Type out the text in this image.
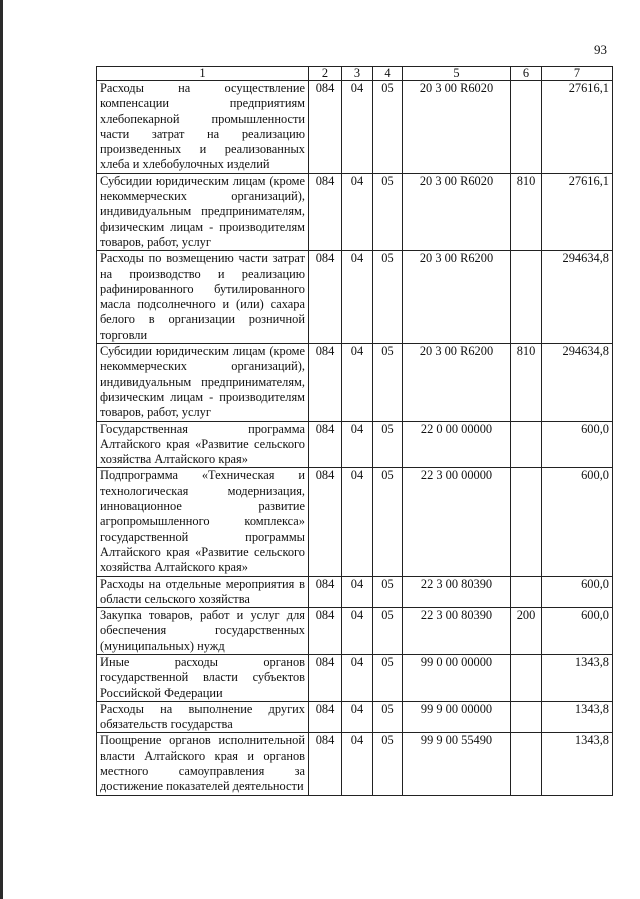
93
1	2	3	4	5	6	7
Расходы на осуществление компенсации предприятиям хлебопекарной промышленности части затрат на реализацию произведенных и реализованных хлеба и хлебобулочных изделий	084	04	05	20 3 00 R6020		27616,1
Субсидии юридическим лицам (кроме некоммерческих организаций), индивидуальным предпринимателям, физическим лицам - производителям товаров, работ, услуг	084	04	05	20 3 00 R6020	810	27616,1
Расходы по возмещению части затрат на производство и реализацию рафинированного бутилированного масла подсолнечного и (или) сахара белого в организации розничной торговли	084	04	05	20 3 00 R6200		294634,8
Субсидии юридическим лицам (кроме некоммерческих организаций), индивидуальным предпринимателям, физическим лицам - производителям товаров, работ, услуг	084	04	05	20 3 00 R6200	810	294634,8
Государственная программа Алтайского края «Развитие сельского хозяйства Алтайского края»	084	04	05	22 0 00 00000		600,0
Подпрограмма «Техническая и технологическая модернизация, инновационное развитие агропромышленного комплекса» государственной программы Алтайского края «Развитие сельского хозяйства Алтайского края»	084	04	05	22 3 00 00000		600,0
Расходы на отдельные мероприятия в области сельского хозяйства	084	04	05	22 3 00 80390		600,0
Закупка товаров, работ и услуг для обеспечения государственных (муниципальных) нужд	084	04	05	22 3 00 80390	200	600,0
Иные расходы органов государственной власти субъектов Российской Федерации	084	04	05	99 0 00 00000		1343,8
Расходы на выполнение других обязательств государства	084	04	05	99 9 00 00000		1343,8
Поощрение органов исполнительной власти Алтайского края и органов местного самоуправления за достижение показателей деятельности	084	04	05	99 9 00 55490		1343,8
